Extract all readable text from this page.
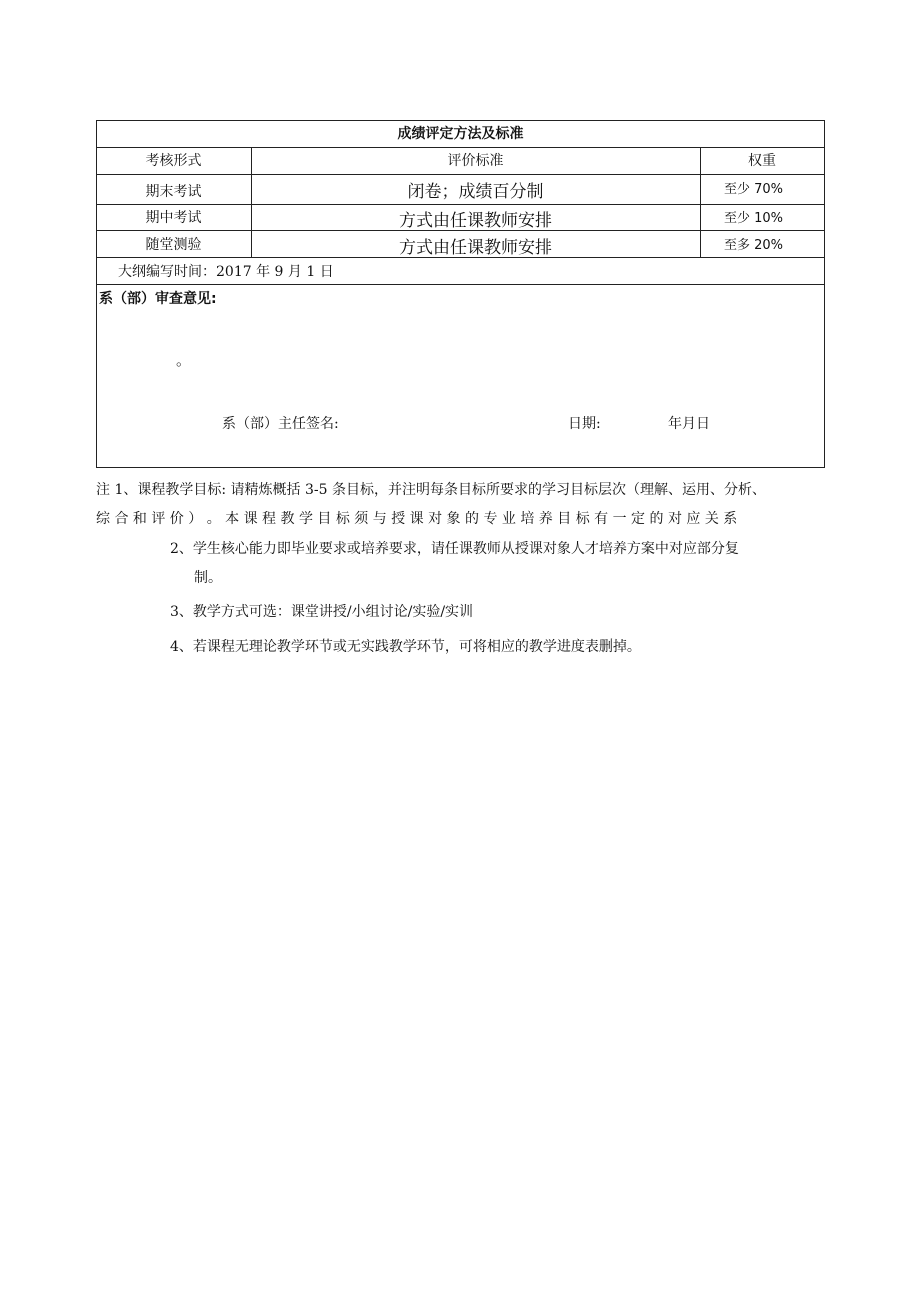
成绩评定方法及标准
考核形式	评价标准	权重
期末考试	闭卷；成绩百分制	至少 70%
期中考试	方式由任课教师安排	至少 10%
随堂测验	方式由任课教师安排	至多 20%
大纲编写时间：2017 年 9 月 1 日
系（部）审查意见:
。
系（部）主任签名:	日期:	年月日
注 1、课程教学目标: 请精炼概括 3-5 条目标，并注明每条目标所要求的学习目标层次（理解、运用、分析、
综 合 和 评 价 ） 。 本 课 程 教 学 目 标 须 与 授 课 对 象 的 专 业 培 养 目 标 有 一 定 的 对 应 关 系
2、学生核心能力即毕业要求或培养要求，请任课教师从授课对象人才培养方案中对应部分复
制。
3、教学方式可选：课堂讲授/小组讨论/实验/实训
4、若课程无理论教学环节或无实践教学环节，可将相应的教学进度表删掉。
